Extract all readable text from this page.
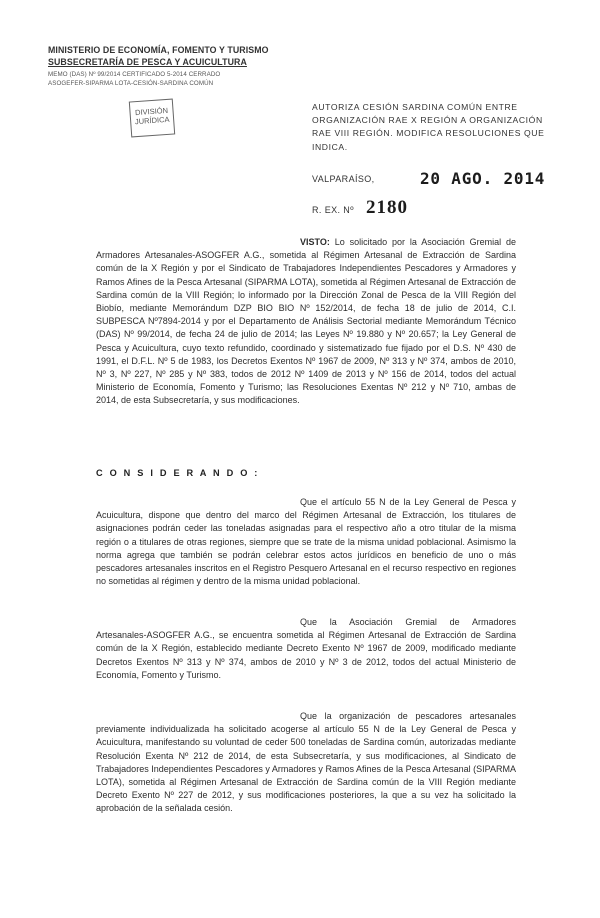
MINISTERIO DE ECONOMÍA, FOMENTO Y TURISMO
SUBSECRETARÍA DE PESCA Y ACUICULTURA
MEMO (DAS) Nº 99/2014 CERTIFICADO 5-2014 CERRADO
ASOGEFER-SIPARMA LOTA-CESIÓN-SARDINA COMÚN
DIVISIÓN JURÍDICA
AUTORIZA CESIÓN SARDINA COMÚN ENTRE ORGANIZACIÓN RAE X REGIÓN A ORGANIZACIÓN RAE VIII REGIÓN. MODIFICA RESOLUCIONES QUE INDICA.
VALPARAÍSO,	20 AGO. 2014
R. EX. Nº 2180
VISTO: Lo solicitado por la Asociación Gremial de Armadores Artesanales-ASOGFER A.G., sometida al Régimen Artesanal de Extracción de Sardina común de la X Región y por el Sindicato de Trabajadores Independientes Pescadores y Armadores y Ramos Afines de la Pesca Artesanal (SIPARMA LOTA), sometida al Régimen Artesanal de Extracción de Sardina común de la VIII Región; lo informado por la Dirección Zonal de Pesca de la VIII Región del Biobío, mediante Memorándum DZP BIO BIO Nº 152/2014, de fecha 18 de julio de 2014, C.I. SUBPESCA Nº7894-2014 y por el Departamento de Análisis Sectorial mediante Memorándum Técnico (DAS) Nº 99/2014, de fecha 24 de julio de 2014; las Leyes Nº 19.880 y Nº 20.657; la Ley General de Pesca y Acuicultura, cuyo texto refundido, coordinado y sistematizado fue fijado por el D.S. Nº 430 de 1991, el D.F.L. Nº 5 de 1983, los Decretos Exentos Nº 1967 de 2009, Nº 313 y Nº 374, ambos de 2010, Nº 3, Nº 227, Nº 285 y Nº 383, todos de 2012 Nº 1409 de 2013 y Nº 156 de 2014, todos del actual Ministerio de Economía, Fomento y Turismo; las Resoluciones Exentas Nº 212 y Nº 710, ambas de 2014, de esta Subsecretaría, y sus modificaciones.
C O N S I D E R A N D O :
Que el artículo 55 N de la Ley General de Pesca y Acuicultura, dispone que dentro del marco del Régimen Artesanal de Extracción, los titulares de asignaciones podrán ceder las toneladas asignadas para el respectivo año a otro titular de la misma región o a titulares de otras regiones, siempre que se trate de la misma unidad poblacional. Asimismo la norma agrega que también se podrán celebrar estos actos jurídicos en beneficio de uno o más pescadores artesanales inscritos en el Registro Pesquero Artesanal en el recurso respectivo en regiones no sometidas al régimen y dentro de la misma unidad poblacional.
Que la Asociación Gremial de Armadores Artesanales-ASOGFER A.G., se encuentra sometida al Régimen Artesanal de Extracción de Sardina común de la X Región, establecido mediante Decreto Exento Nº 1967 de 2009, modificado mediante Decretos Exentos Nº 313 y Nº 374, ambos de 2010 y Nº 3 de 2012, todos del actual Ministerio de Economía, Fomento y Turismo.
Que la organización de pescadores artesanales previamente individualizada ha solicitado acogerse al artículo 55 N de la Ley General de Pesca y Acuicultura, manifestando su voluntad de ceder 500 toneladas de Sardina común, autorizadas mediante Resolución Exenta Nº 212 de 2014, de esta Subsecretaría, y sus modificaciones, al Sindicato de Trabajadores Independientes Pescadores y Armadores y Ramos Afines de la Pesca Artesanal (SIPARMA LOTA), sometida al Régimen Artesanal de Extracción de Sardina común de la VIII Región mediante Decreto Exento Nº 227 de 2012, y sus modificaciones posteriores, la que a su vez ha solicitado la aprobación de la señalada cesión.
